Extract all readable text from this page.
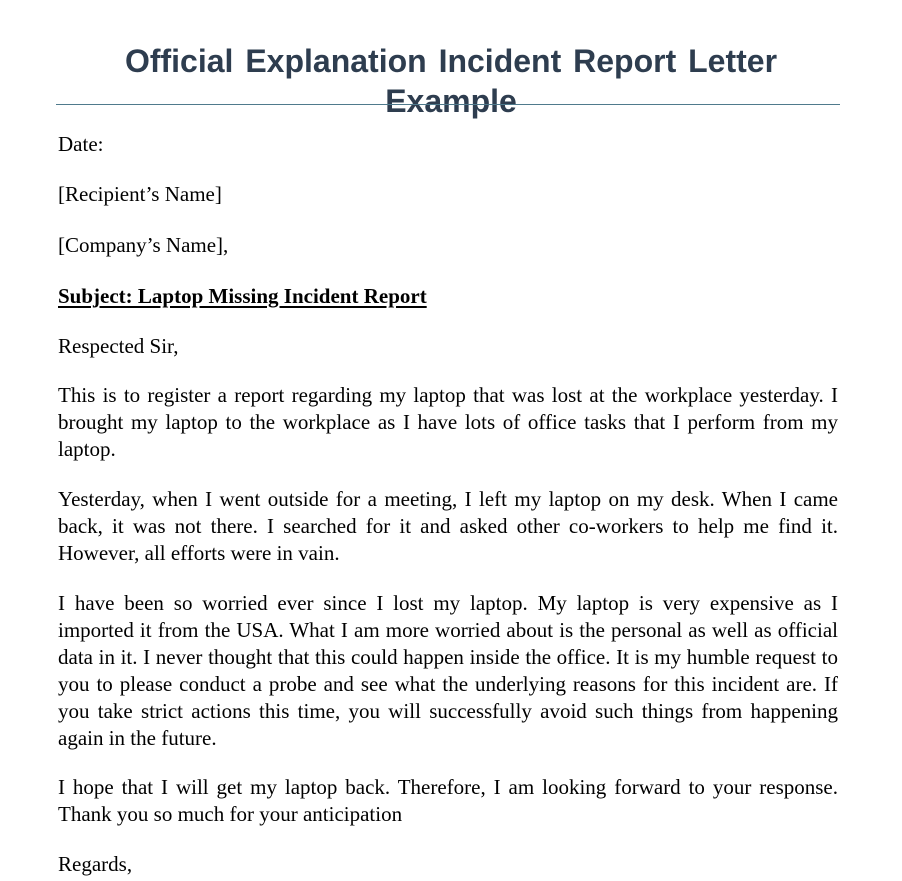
Official Explanation Incident Report Letter Example

Date:

[Recipient’s Name]

[Company’s Name],

Subject: Laptop Missing Incident Report

Respected Sir,

This is to register a report regarding my laptop that was lost at the workplace yesterday. I brought my laptop to the workplace as I have lots of office tasks that I perform from my laptop.

Yesterday, when I went outside for a meeting, I left my laptop on my desk. When I came back, it was not there. I searched for it and asked other co-workers to help me find it. However, all efforts were in vain.

I have been so worried ever since I lost my laptop. My laptop is very expensive as I imported it from the USA. What I am more worried about is the personal as well as official data in it. I never thought that this could happen inside the office. It is my humble request to you to please conduct a probe and see what the underlying reasons for this incident are. If you take strict actions this time, you will successfully avoid such things from happening again in the future.

I hope that I will get my laptop back. Therefore, I am looking forward to your response. Thank you so much for your anticipation

Regards,
